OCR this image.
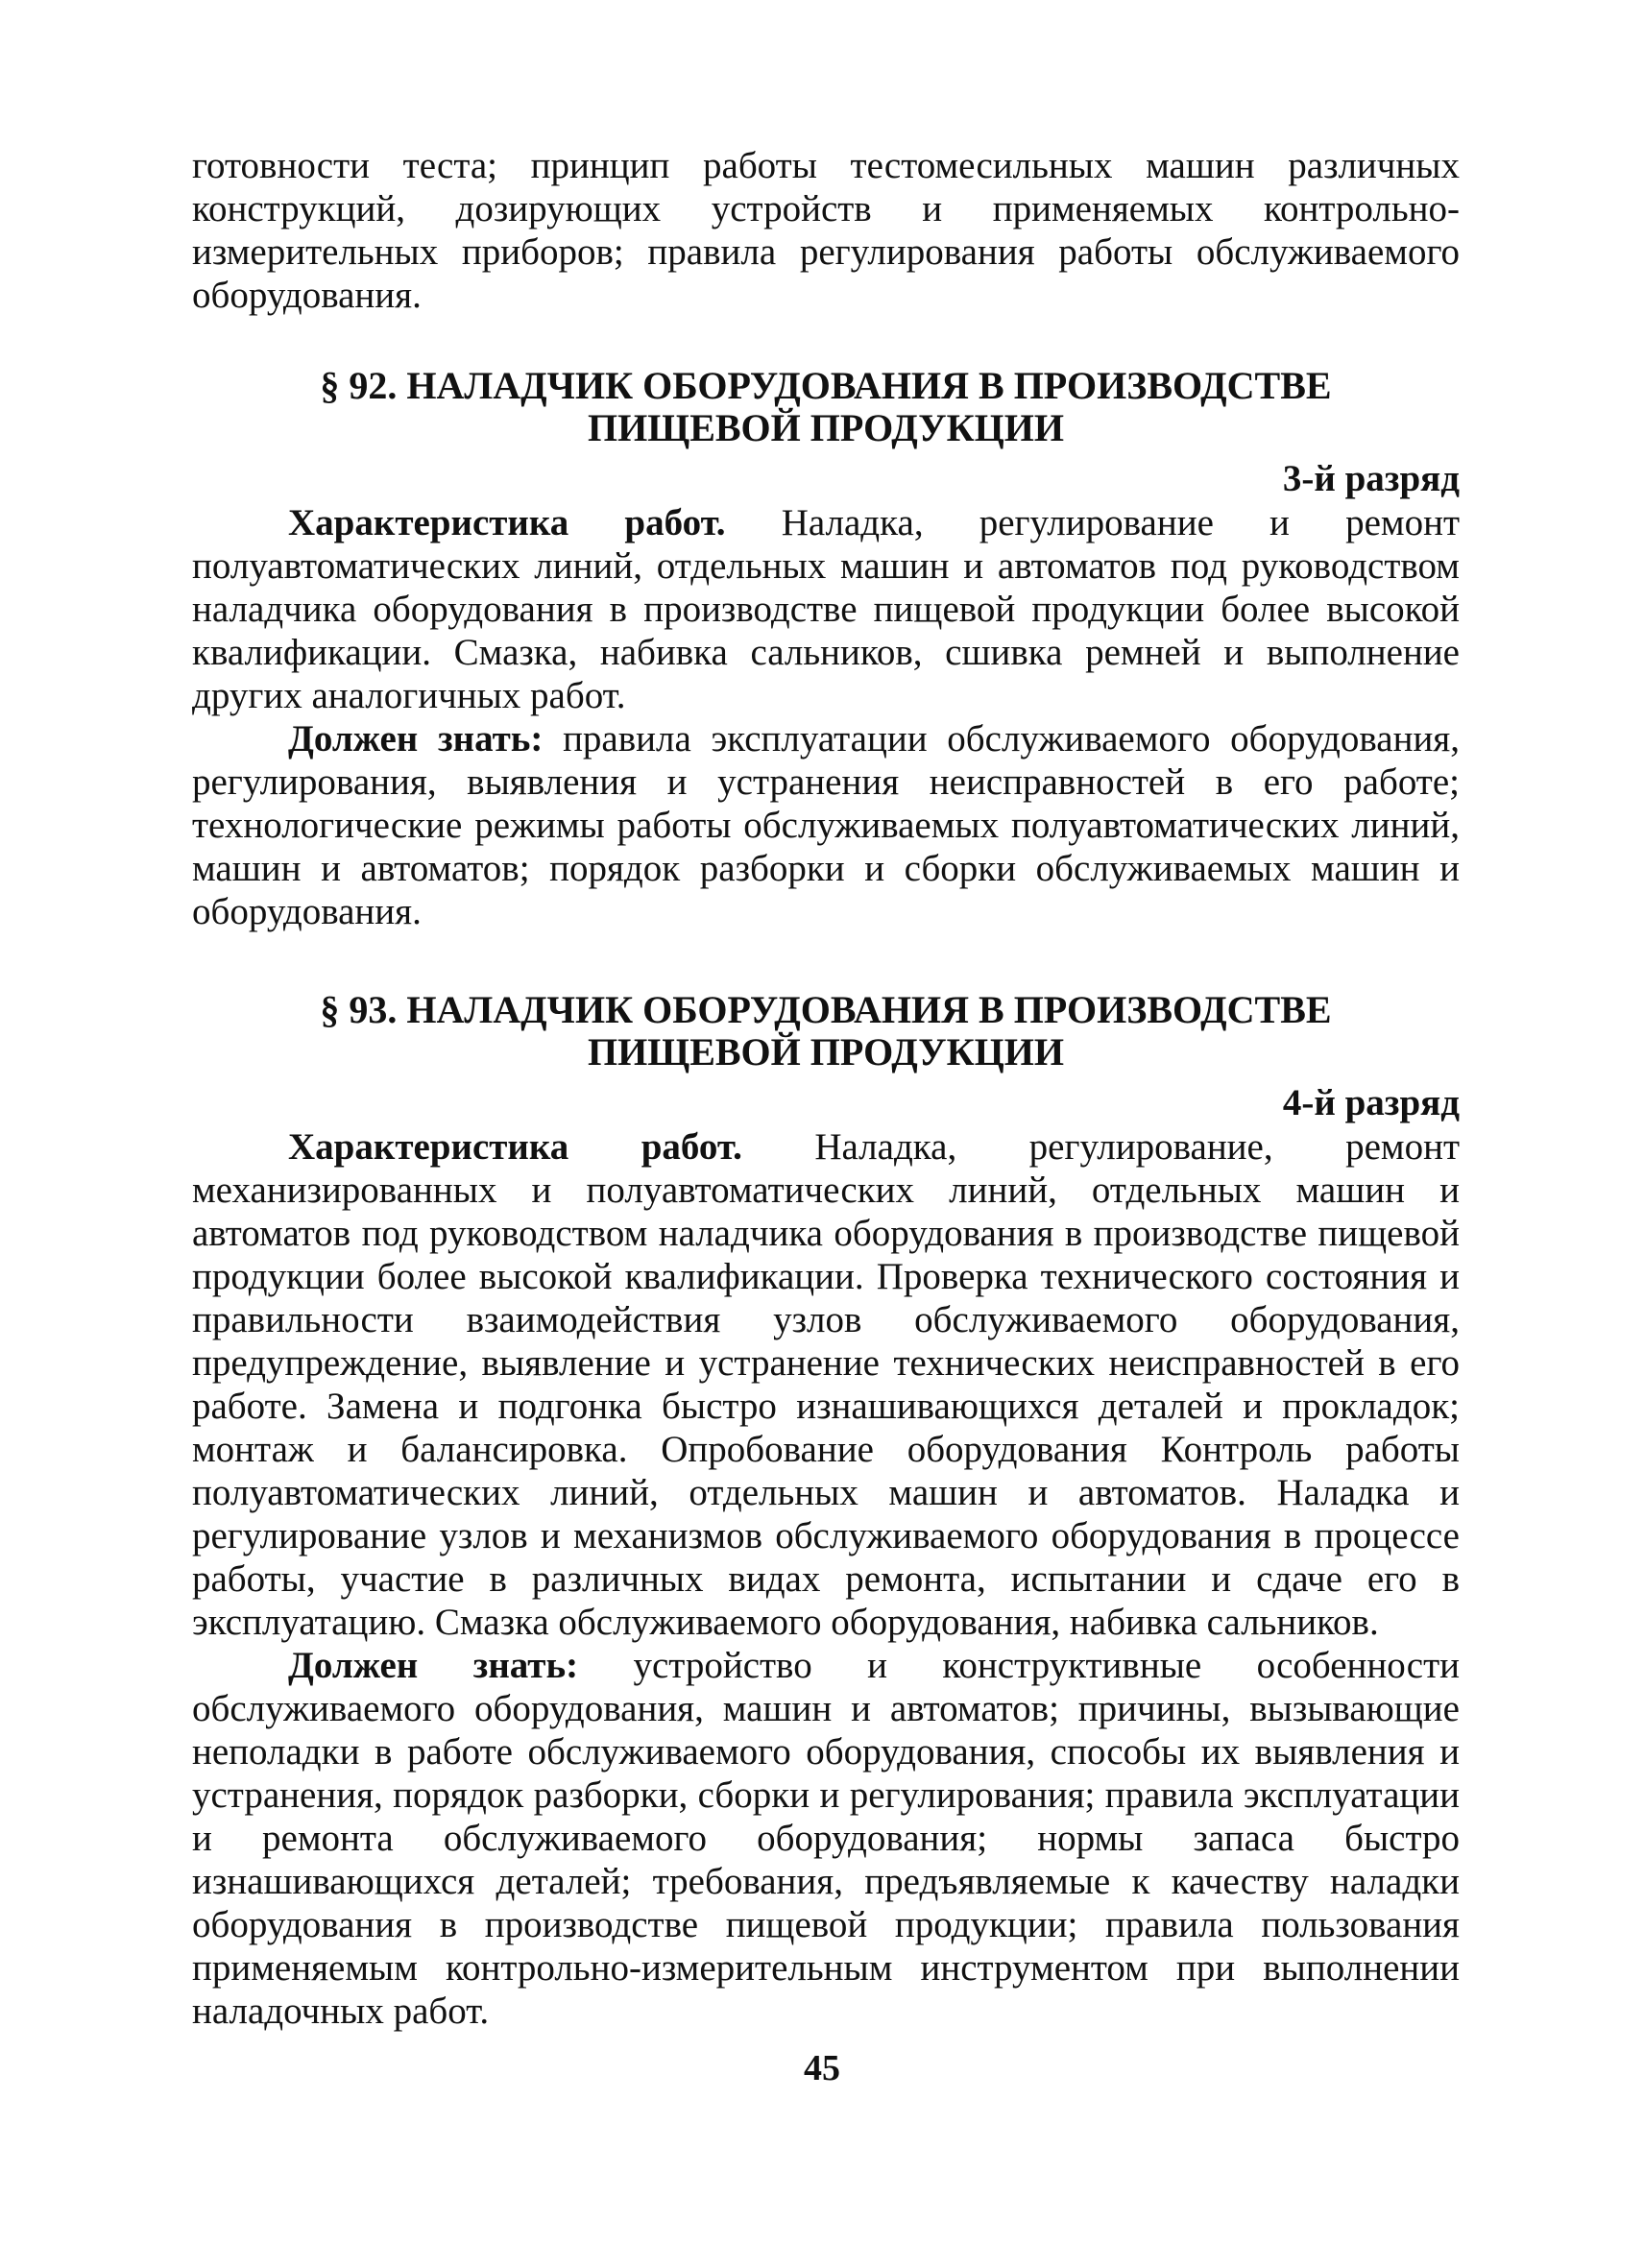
готовности теста; принцип работы тестомесильных машин различных конструкций, дозирующих устройств и применяемых контрольно-измерительных приборов; правила регулирования работы обслуживаемого оборудования.

§ 92. НАЛАДЧИК ОБОРУДОВАНИЯ В ПРОИЗВОДСТВЕ
ПИЩЕВОЙ ПРОДУКЦИИ
3-й разряд

Характеристика работ. Наладка, регулирование и ремонт полуавтоматических линий, отдельных машин и автоматов под руководством наладчика оборудования в производстве пищевой продукции более высокой квалификации. Смазка, набивка сальников, сшивка ремней и выполнение других аналогичных работ.

Должен знать: правила эксплуатации обслуживаемого оборудования, регулирования, выявления и устранения неисправностей в его работе; технологические режимы работы обслуживаемых полуавтоматических линий, машин и автоматов; порядок разборки и сборки обслуживаемых машин и оборудования.

§ 93. НАЛАДЧИК ОБОРУДОВАНИЯ В ПРОИЗВОДСТВЕ
ПИЩЕВОЙ ПРОДУКЦИИ
4-й разряд

Характеристика работ. Наладка, регулирование, ремонт механизированных и полуавтоматических линий, отдельных машин и автоматов под руководством наладчика оборудования в производстве пищевой продукции более высокой квалификации. Проверка технического состояния и правильности взаимодействия узлов обслуживаемого оборудования, предупреждение, выявление и устранение технических неисправностей в его работе. Замена и подгонка быстро изнашивающихся деталей и прокладок; монтаж и балансировка. Опробование оборудования Контроль работы полуавтоматических линий, отдельных машин и автоматов. Наладка и регулирование узлов и механизмов обслуживаемого оборудования в процессе работы, участие в различных видах ремонта, испытании и сдаче его в эксплуатацию. Смазка обслуживаемого оборудования, набивка сальников.

Должен знать: устройство и конструктивные особенности обслуживаемого оборудования, машин и автоматов; причины, вызывающие неполадки в работе обслуживаемого оборудования, способы их выявления и устранения, порядок разборки, сборки и регулирования; правила эксплуатации и ремонта обслуживаемого оборудования; нормы запаса быстро изнашивающихся деталей; требования, предъявляемые к качеству наладки оборудования в производстве пищевой продукции; правила пользования применяемым контрольно-измерительным инструментом при выполнении наладочных работ.

45
